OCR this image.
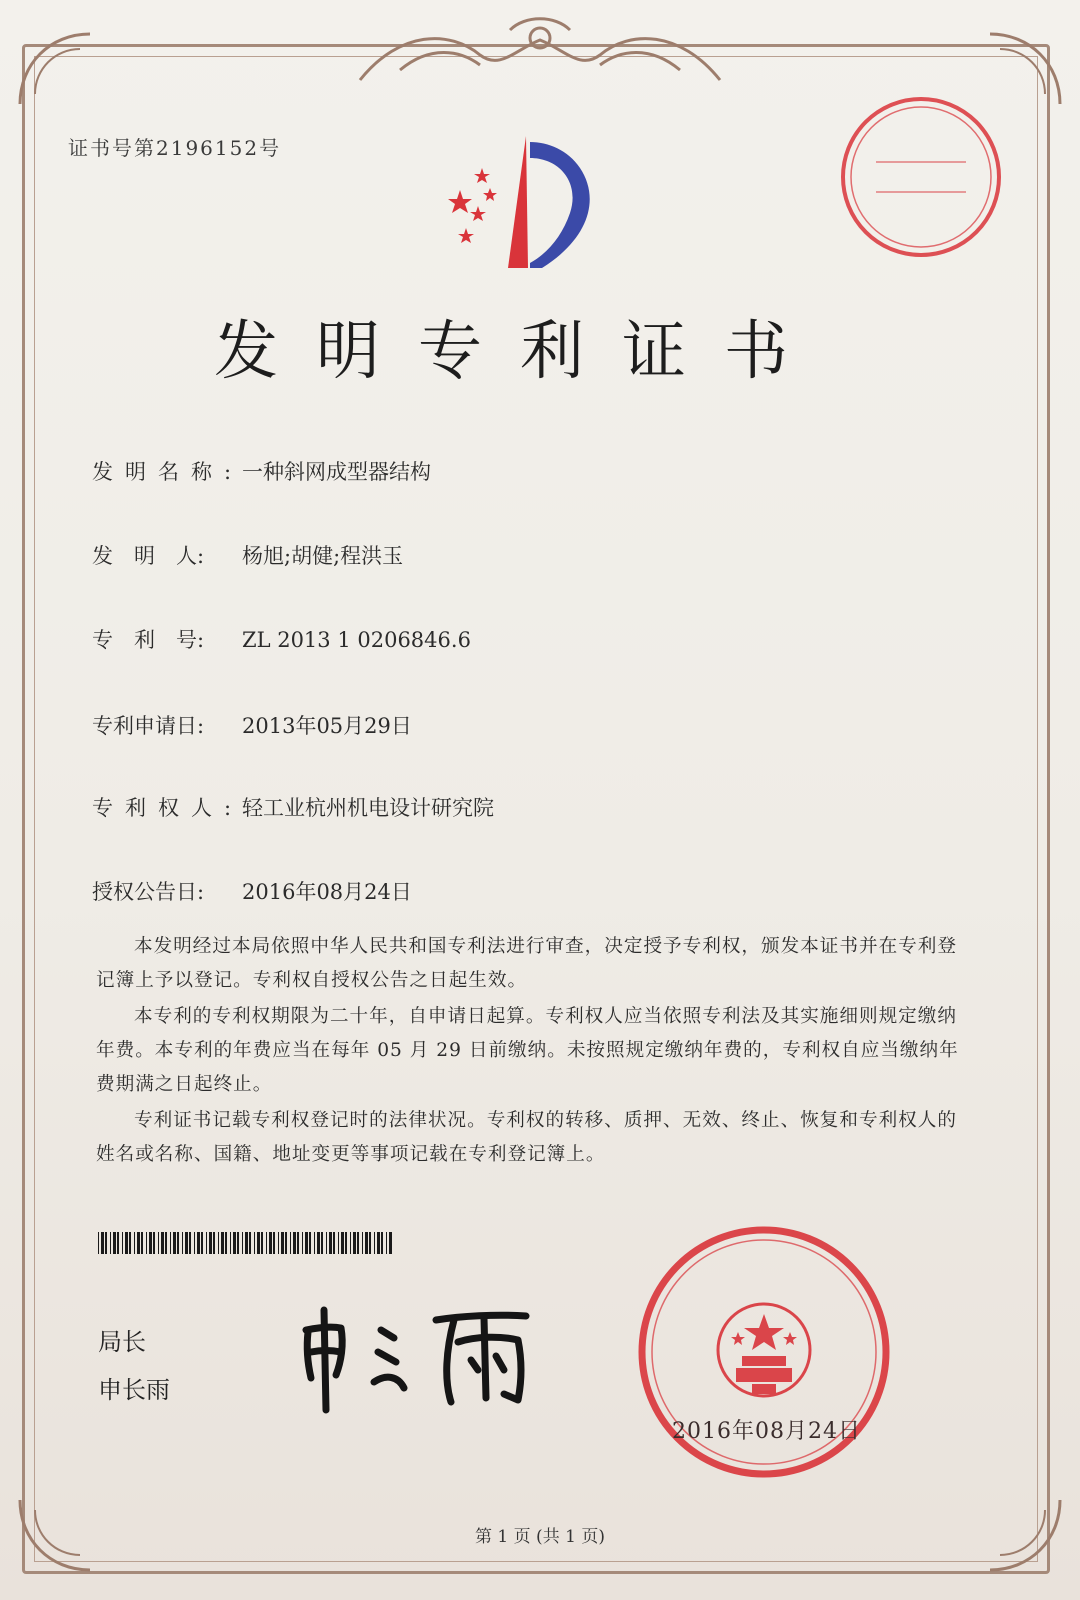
证书号第2196152号
发明专利证书
发明名称:一种斜网成型器结构
发　明　人: 杨旭;胡健;程洪玉
专　利　号: ZL 2013 1 0206846.6
专利申请日: 2013年05月29日
专利权人:轻工业杭州机电设计研究院
授权公告日: 2016年08月24日
本发明经过本局依照中华人民共和国专利法进行审查，决定授予专利权，颁发本证书并在专利登记簿上予以登记。专利权自授权公告之日起生效。
本专利的专利权期限为二十年，自申请日起算。专利权人应当依照专利法及其实施细则规定缴纳年费。本专利的年费应当在每年 05 月 29 日前缴纳。未按照规定缴纳年费的，专利权自应当缴纳年费期满之日起终止。
专利证书记载专利权登记时的法律状况。专利权的转移、质押、无效、终止、恢复和专利权人的姓名或名称、国籍、地址变更等事项记载在专利登记簿上。
局长
申长雨
2016年08月24日
第 1 页 (共 1 页)
